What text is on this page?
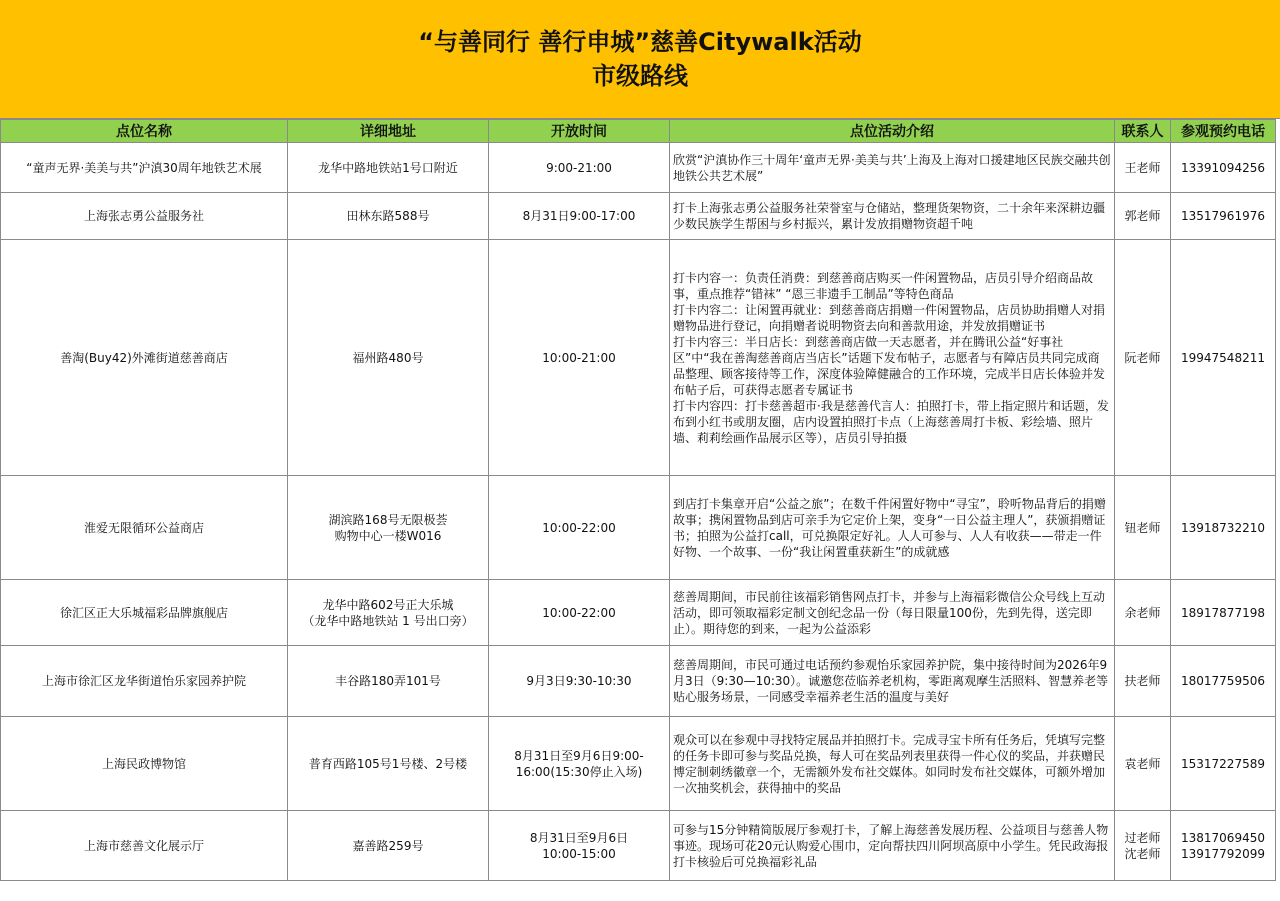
“与善同行 善行申城”慈善Citywalk活动
市级路线
点位名称	详细地址	开放时间	点位活动介绍	联系人	参观预约电话
“童声无界·美美与共”沪滇30周年地铁艺术展	龙华中路地铁站1号口附近	9:00-21:00	欣赏“沪滇协作三十周年‘童声无界·美美与共’上海及上海对口援建地区民族交融共创地铁公共艺术展”	王老师	13391094256

上海张志勇公益服务社	田林东路588号	8月31日9:00-17:00	打卡上海张志勇公益服务社荣誉室与仓储站，整理货架物资，二十余年来深耕边疆少数民族学生帮困与乡村振兴，累计发放捐赠物资超千吨	郭老师	13517961976

善淘(Buy42)外滩街道慈善商店	福州路480号	10:00-21:00	打卡内容一：负责任消费：到慈善商店购买一件闲置物品，店员引导介绍商品故事，重点推荐“错袜” “恩三非遗手工制品”等特色商品
打卡内容二：让闲置再就业：到慈善商店捐赠一件闲置物品，店员协助捐赠人对捐赠物品进行登记，向捐赠者说明物资去向和善款用途，并发放捐赠证书
打卡内容三：半日店长：到慈善商店做一天志愿者，并在腾讯公益“好事社区”中“我在善淘慈善商店当店长”话题下发布帖子，志愿者与有障店员共同完成商品整理、顾客接待等工作，深度体验障健融合的工作环境，完成半日店长体验并发布帖子后，可获得志愿者专属证书
打卡内容四：打卡慈善超市·我是慈善代言人：拍照打卡，带上指定照片和话题，发布到小红书或朋友圈，店内设置拍照打卡点（上海慈善周打卡板、彩绘墙、照片墙、莉莉绘画作品展示区等），店员引导拍摄	阮老师	19947548211

淮爱无限循环公益商店	湖滨路168号无限极荟
购物中心一楼W016	10:00-22:00	到店打卡集章开启“公益之旅”；在数千件闲置好物中“寻宝”，聆听物品背后的捐赠故事；携闲置物品到店可亲手为它定价上架，变身“一日公益主理人”，获颁捐赠证书；拍照为公益打call，可兑换限定好礼。人人可参与、人人有收获——带走一件好物、一个故事、一份“我让闲置重获新生”的成就感	钮老师	13918732210

徐汇区正大乐城福彩品牌旗舰店	龙华中路602号正大乐城
（龙华中路地铁站 1 号出口旁）	10:00-22:00	慈善周期间，市民前往该福彩销售网点打卡，并参与上海福彩微信公众号线上互动活动，即可领取福彩定制文创纪念品一份（每日限量100份，先到先得，送完即止）。期待您的到来，一起为公益添彩	余老师	18917877198

上海市徐汇区龙华街道怡乐家园养护院	丰谷路180弄101号	9月3日9:30-10:30	慈善周期间，市民可通过电话预约参观怡乐家园养护院，集中接待时间为2026年9月3日（9:30—10:30）。诚邀您莅临养老机构，零距离观摩生活照料、智慧养老等贴心服务场景，一同感受幸福养老生活的温度与美好	扶老师	18017759506

上海民政博物馆	普育西路105号1号楼、2号楼	8月31日至9月6日9:00-16:00(15:30停止入场)	观众可以在参观中寻找特定展品并拍照打卡。完成寻宝卡所有任务后，凭填写完整的任务卡即可参与奖品兑换，每人可在奖品列表里获得一件心仪的奖品，并获赠民博定制刺绣徽章一个，无需额外发布社交媒体。如同时发布社交媒体，可额外增加一次抽奖机会，获得抽中的奖品	袁老师	15317227589

上海市慈善文化展示厅	嘉善路259号	8月31日至9月6日
10:00-15:00	可参与15分钟精简版展厅参观打卡，了解上海慈善发展历程、公益项目与慈善人物事迹。现场可花20元认购爱心围巾，定向帮扶四川阿坝高原中小学生。凭民政海报打卡核验后可兑换福彩礼品	过老师
沈老师	13817069450
13917792099
